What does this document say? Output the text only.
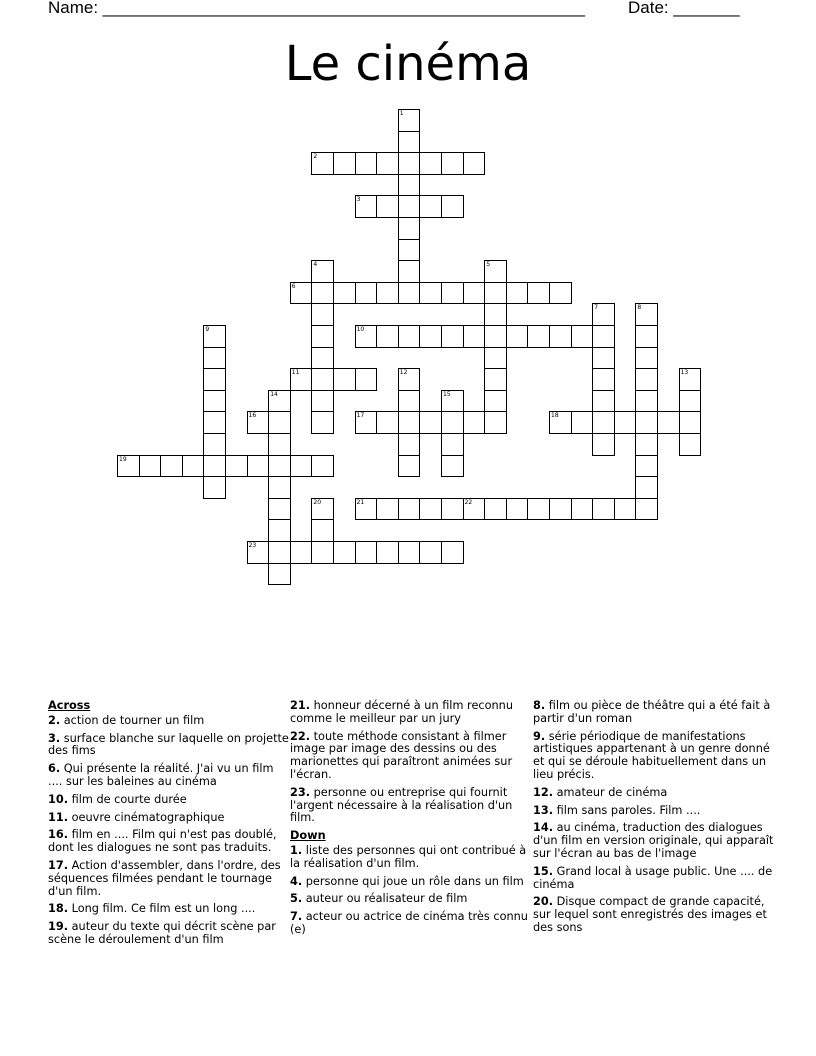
Name: ___________________________________________________	Date: _______
Le cinéma
1
2
3
4	5
6
7	8
9	10
11	12	13
14	15
16	17	18
19
20	21	22
23
Across
2. action de tourner un film
3. surface blanche sur laquelle on projette des fims
6. Qui présente la réalité. J'ai vu un film .... sur les baleines au cinéma
10. film de courte durée
11. oeuvre cinématographique
16. film en .... Film qui n'est pas doublé, dont les dialogues ne sont pas traduits.
17. Action d'assembler, dans l'ordre, des séquences filmées pendant le tournage d'un film.
18. Long film. Ce film est un long ....
19. auteur du texte qui décrit scène par scène le déroulement d'un film
21. honneur décerné à un film reconnu comme le meilleur par un jury
22. toute méthode consistant à filmer image par image des dessins ou des marionettes qui paraîtront animées sur l'écran.
23. personne ou entreprise qui fournit l'argent nécessaire à la réalisation d'un film.
Down
1. liste des personnes qui ont contribué à la réalisation d'un film.
4. personne qui joue un rôle dans un film
5. auteur ou réalisateur de film
7. acteur ou actrice de cinéma très connu (e)
8. film ou pièce de théâtre qui a été fait à partir d'un roman
9. série périodique de manifestations artistiques appartenant à un genre donné et qui se déroule habituellement dans un lieu précis.
12. amateur de cinéma
13. film sans paroles. Film ....
14. au cinéma, traduction des dialogues d'un film en version originale, qui apparaît sur l'écran au bas de l'image
15. Grand local à usage public. Une .... de cinéma
20. Disque compact de grande capacité, sur lequel sont enregistrés des images et des sons
